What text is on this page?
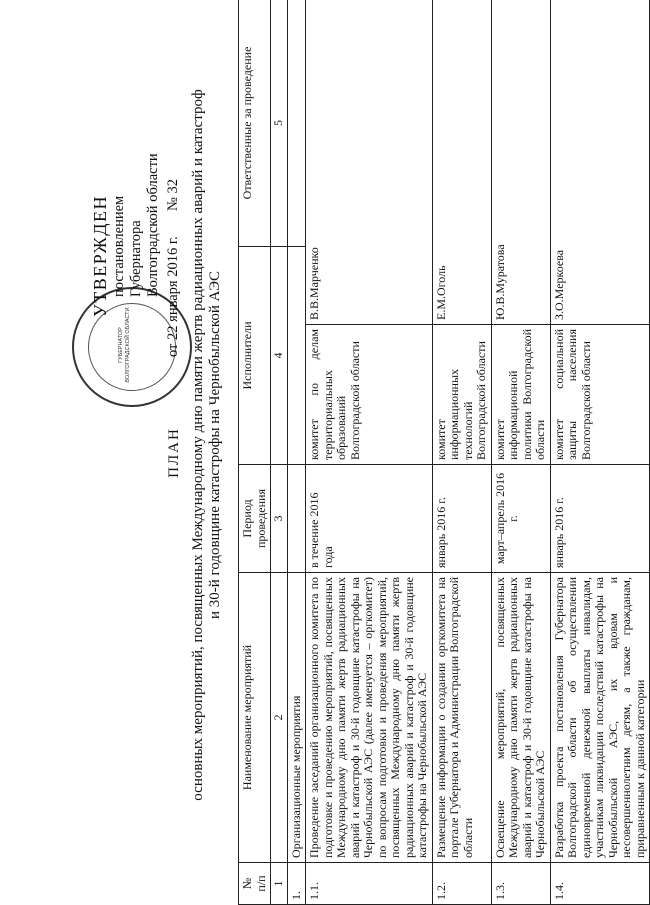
ГУБЕРНАТОР ВОЛГОГРАДСКОЙ ОБЛАСТИ
УТВЕРЖДЕН постановлением Губернатора Волгоградской области
от 22 января 2016 г.  № 32
ПЛАН основных мероприятий, посвященных Международному дню памяти жертв радиационных аварий и катастроф и 30-й годовщине катастрофы на Чернобыльской АЭС
№
п/п	Наименование мероприятий	Период проведения	Исполнители		Ответственные за проведение
1	2	3	4		5
1.	Организационные мероприятия				
1.1.	Проведение заседаний организационного комитета по подготовке и проведению мероприятий, посвященных Международному дню памяти жертв радиационных аварий и катастроф и 30-й годовщине катастрофы на Чернобыльской АЭС (далее именуется – оргкомитет) по вопросам подготовки и проведения мероприятий, посвященных Международному дню памяти жертв радиационных аварий и катастроф и 30-й годовщине катастрофы на Чернобыльской АЭС	в течение 2016 года	комитет по делам территориальных образований Волгоградской области	В.В.Марченко	
1.2.	Размещение информации о создании оргкомитета на портале Губернатора и Администрации Волгоградской области	январь 2016 г.	комитет информационных технологий Волгоградской области	Е.М.Оголь	
1.3.	Освещение мероприятий, посвященных Международному дню памяти жертв радиационных аварий и катастроф и 30-й годовщине катастрофы на Чернобыльской АЭС	март–апрель 2016 г.	комитет информационной политики Волгоградской области	Ю.В.Муратова	
1.4.	Разработка проекта постановления Губернатора Волгоградской области об осуществлении единовременной денежной выплаты инвалидам, участникам ликвидации последствий катастрофы на Чернобыльской АЭС, их вдовам и несовершеннолетним детям, а также гражданам, приравненным к данной категории	январь 2016 г.	комитет социальной защиты населения Волгоградской области	З.О.Меркоева	
